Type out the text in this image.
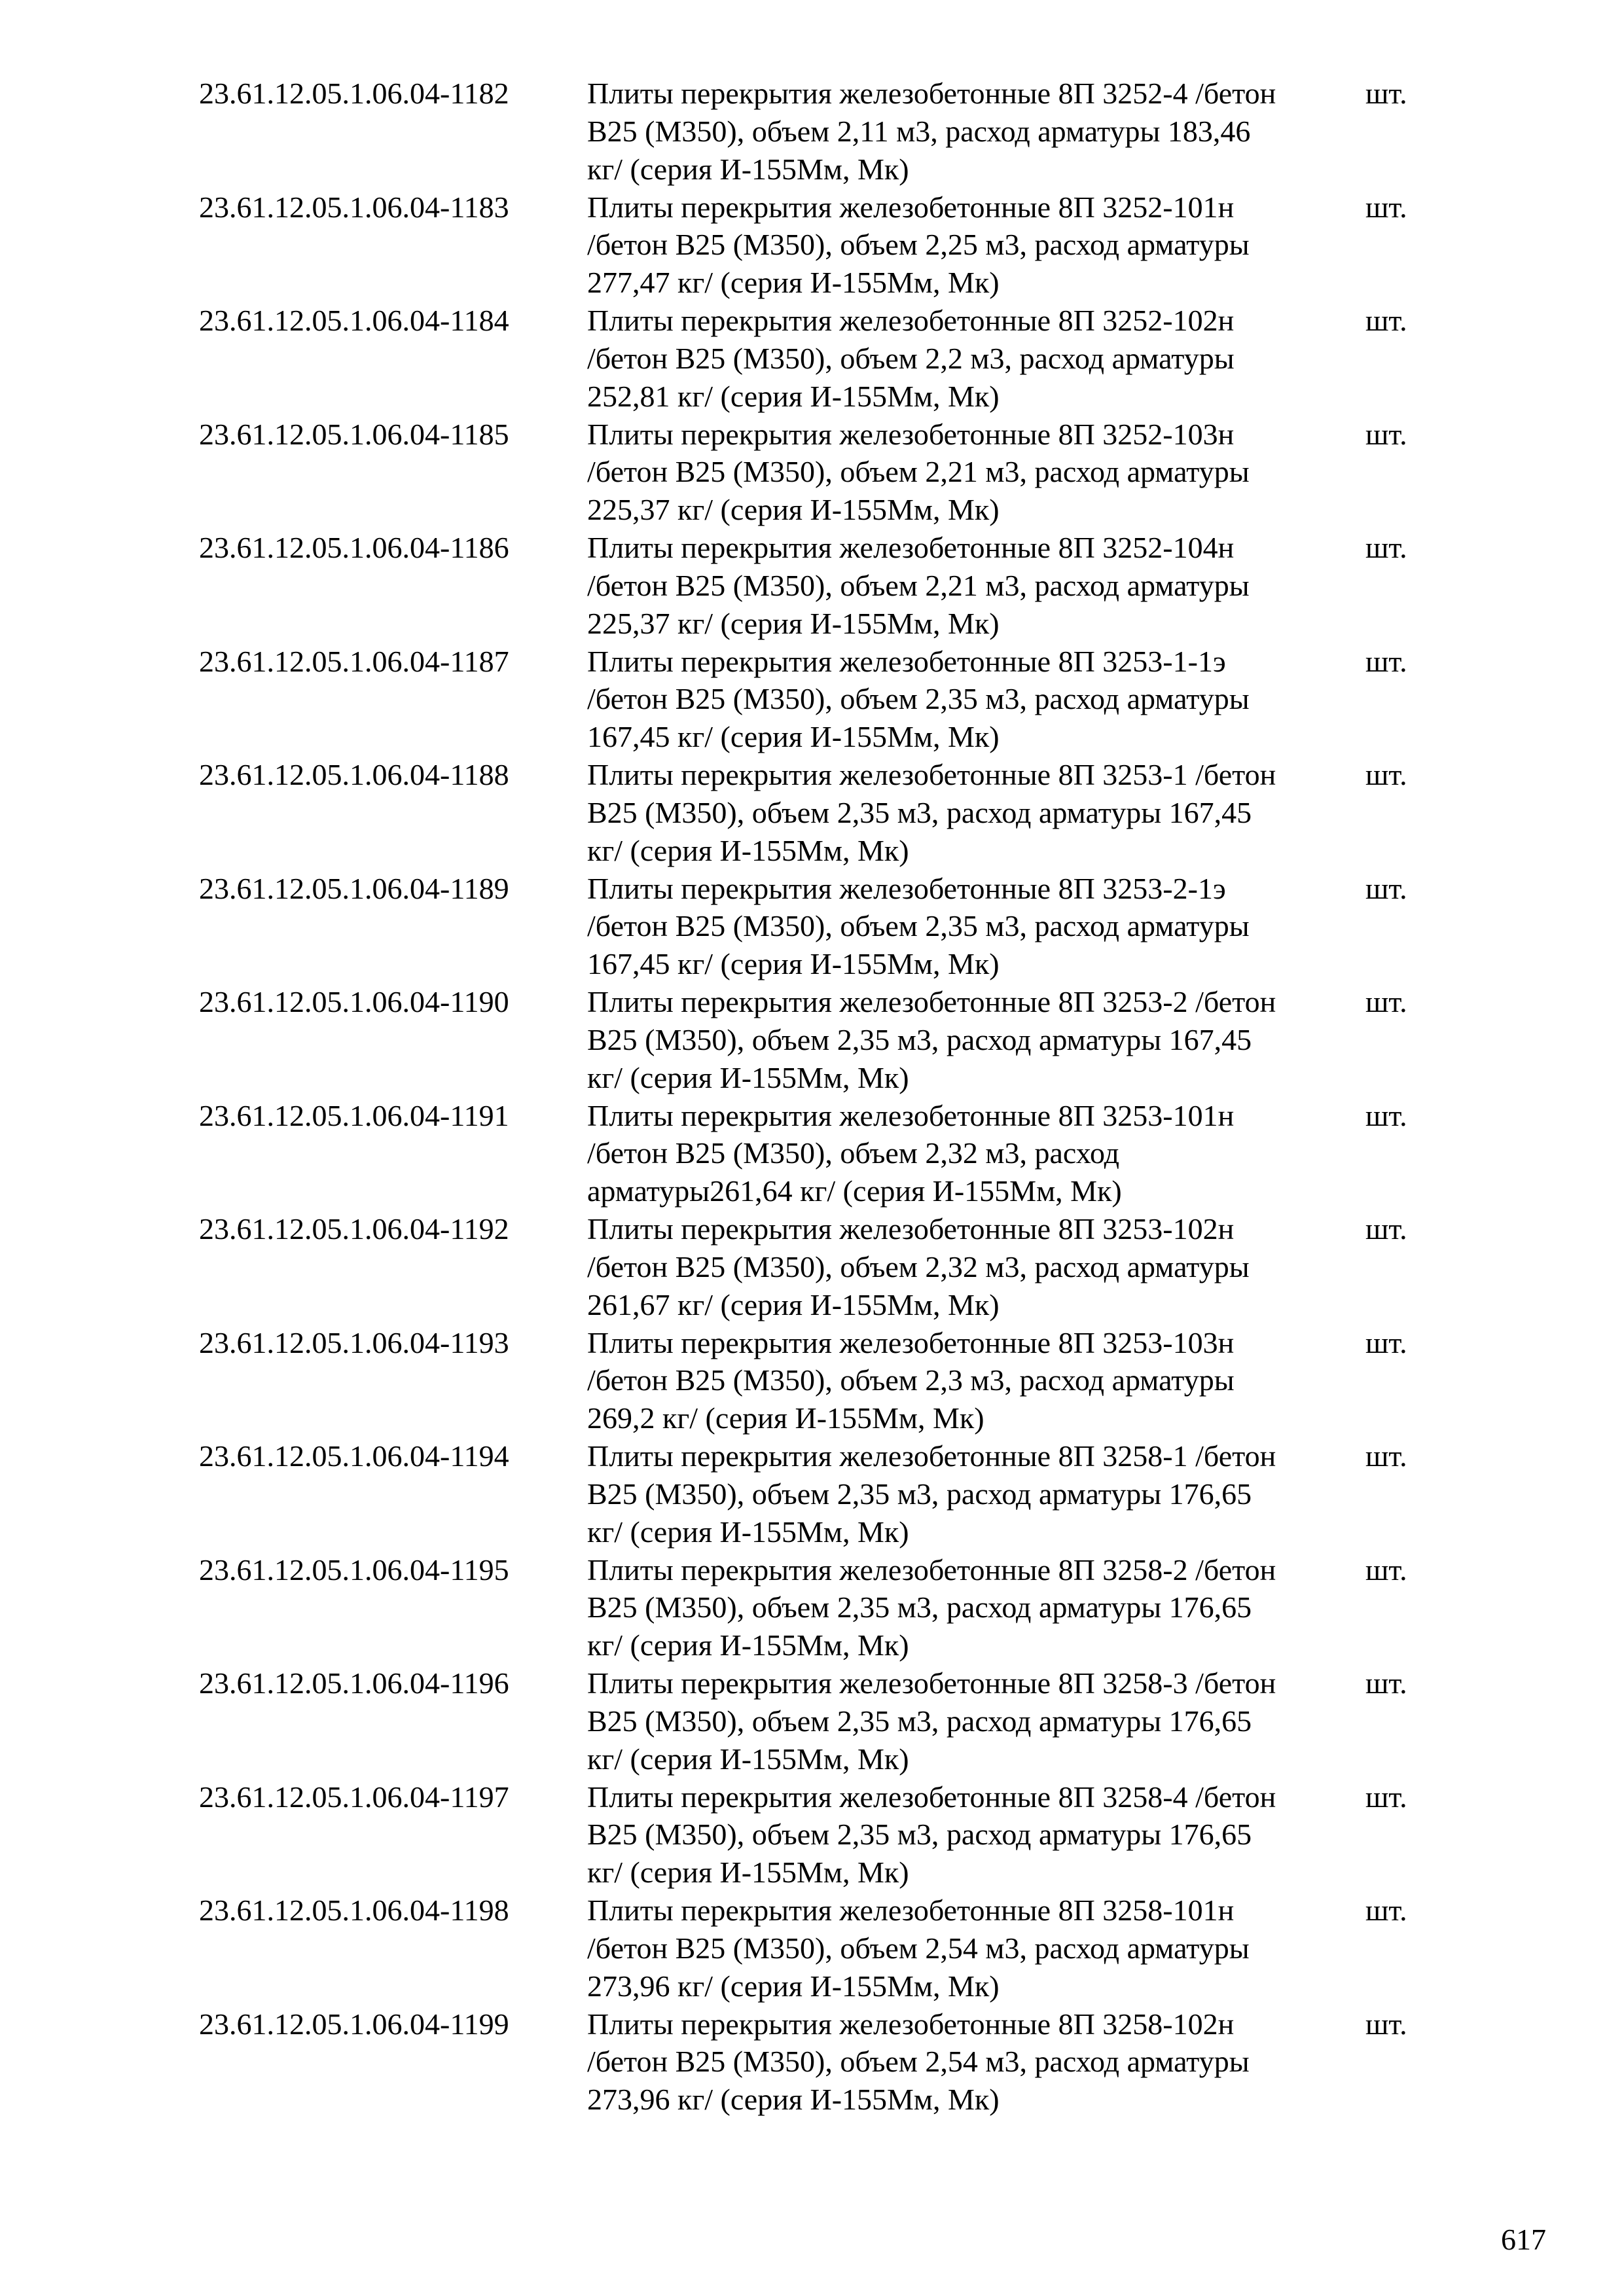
23.61.12.05.1.06.04-1182	Плиты перекрытия железобетонные 8П 3252-4 /бетон
В25 (М350), объем 2,11 м3, расход арматуры 183,46
кг/ (серия И-155Мм, Мк)
шт.
23.61.12.05.1.06.04-1183	Плиты перекрытия железобетонные 8П 3252-101н
/бетон В25 (М350), объем 2,25 м3, расход арматуры
277,47 кг/ (серия И-155Мм, Мк)
шт.
23.61.12.05.1.06.04-1184	Плиты перекрытия железобетонные 8П 3252-102н
/бетон В25 (М350), объем 2,2 м3, расход арматуры
252,81 кг/ (серия И-155Мм, Мк)
шт.
23.61.12.05.1.06.04-1185	Плиты перекрытия железобетонные 8П 3252-103н
/бетон В25 (М350), объем 2,21 м3, расход арматуры
225,37 кг/ (серия И-155Мм, Мк)
шт.
23.61.12.05.1.06.04-1186	Плиты перекрытия железобетонные 8П 3252-104н
/бетон В25 (М350), объем 2,21 м3, расход арматуры
225,37 кг/ (серия И-155Мм, Мк)
шт.
23.61.12.05.1.06.04-1187	Плиты перекрытия железобетонные 8П 3253-1-1э
/бетон В25 (М350), объем 2,35 м3, расход арматуры
167,45 кг/ (серия И-155Мм, Мк)
шт.
23.61.12.05.1.06.04-1188	Плиты перекрытия железобетонные 8П 3253-1 /бетон
В25 (М350), объем 2,35 м3, расход арматуры 167,45
кг/ (серия И-155Мм, Мк)
шт.
23.61.12.05.1.06.04-1189	Плиты перекрытия железобетонные 8П 3253-2-1э
/бетон В25 (М350), объем 2,35 м3, расход арматуры
167,45 кг/ (серия И-155Мм, Мк)
шт.
23.61.12.05.1.06.04-1190	Плиты перекрытия железобетонные 8П 3253-2 /бетон
В25 (М350), объем 2,35 м3, расход арматуры 167,45
кг/ (серия И-155Мм, Мк)
шт.
23.61.12.05.1.06.04-1191	Плиты перекрытия железобетонные 8П 3253-101н
/бетон В25 (М350), объем 2,32 м3, расход
арматуры261,64 кг/ (серия И-155Мм, Мк)
шт.
23.61.12.05.1.06.04-1192	Плиты перекрытия железобетонные 8П 3253-102н
/бетон В25 (М350), объем 2,32 м3, расход арматуры
261,67 кг/ (серия И-155Мм, Мк)
шт.
23.61.12.05.1.06.04-1193	Плиты перекрытия железобетонные 8П 3253-103н
/бетон В25 (М350), объем 2,3 м3, расход арматуры
269,2 кг/ (серия И-155Мм, Мк)
шт.
23.61.12.05.1.06.04-1194	Плиты перекрытия железобетонные 8П 3258-1 /бетон
В25 (М350), объем 2,35 м3, расход арматуры 176,65
кг/ (серия И-155Мм, Мк)
шт.
23.61.12.05.1.06.04-1195	Плиты перекрытия железобетонные 8П 3258-2 /бетон
В25 (М350), объем 2,35 м3, расход арматуры 176,65
кг/ (серия И-155Мм, Мк)
шт.
23.61.12.05.1.06.04-1196	Плиты перекрытия железобетонные 8П 3258-3 /бетон
В25 (М350), объем 2,35 м3, расход арматуры 176,65
кг/ (серия И-155Мм, Мк)
шт.
23.61.12.05.1.06.04-1197	Плиты перекрытия железобетонные 8П 3258-4 /бетон
В25 (М350), объем 2,35 м3, расход арматуры 176,65
кг/ (серия И-155Мм, Мк)
шт.
23.61.12.05.1.06.04-1198	Плиты перекрытия железобетонные 8П 3258-101н
/бетон В25 (М350), объем 2,54 м3, расход арматуры
273,96 кг/ (серия И-155Мм, Мк)
шт.
23.61.12.05.1.06.04-1199	Плиты перекрытия железобетонные 8П 3258-102н
/бетон В25 (М350), объем 2,54 м3, расход арматуры
273,96 кг/ (серия И-155Мм, Мк)
шт.
617
